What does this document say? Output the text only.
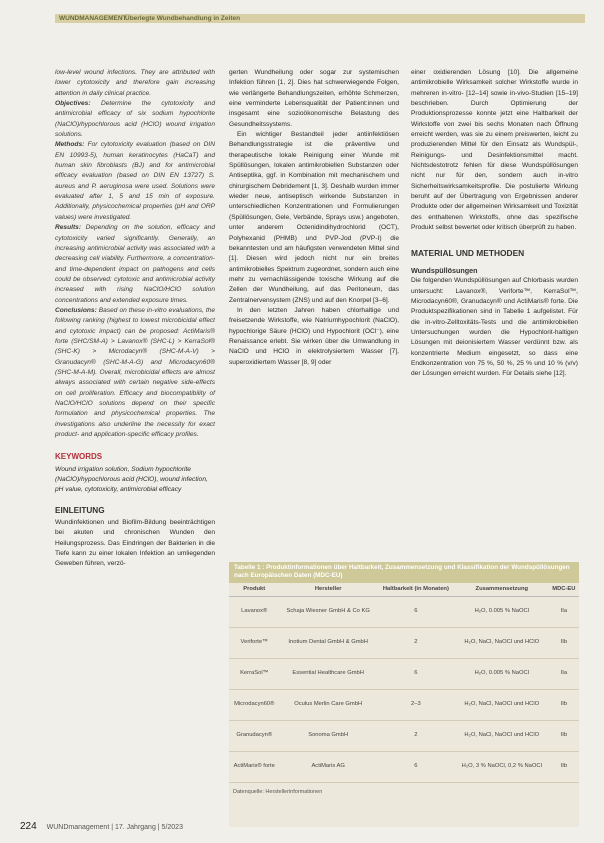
WUNDMANAGEMENT
Überlegte Wundbehandlung in Zeiten

low-level wound infections. They are attributed with lower cytotoxicity and therefore gain increasing attention in daily clinical practice.

Objectives: Determine the cytotoxicity and antimicrobial efficacy of six sodium hypochlorite (NaClO)/hypochlorous acid (HClO) wound irrigation solutions.

Methods: For cytotoxicity evaluation (based on DIN EN 10993-5), human keratinocytes (HaCaT) and human skin fibroblasts (BJ) and for antimicrobial efficacy evaluation (based on DIN EN 13727) S. aureus and P. aeruginosa were used. Solutions were evaluated after 1, 5 and 15 min of exposure. Additionally, physicochemical properties (pH and ORP values) were investigated.

Results: Depending on the solution, efficacy and cytotoxicity varied significantly. Generally, an increasing antimicrobial activity was associated with a decreasing cell viability. Furthermore, a concentration- and time-dependent impact on pathogens and cells could be observed: cytotoxic and antimicrobial activity increased with rising NaClO/HClO solution concentrations and extended exposure times.

Conclusions: Based on these in-vitro evaluations, the following ranking (highest to lowest microbicidal effect and cytotoxic impact) can be proposed: ActiMaris® forte (SHC/SM-A) > Lavanox® (SHC-L) > KerraSol® (SHC-K) > Microdacyn® (SHC-M-A-V) > Granudacyn® (SHC-M-A-G) and Microdacyn60® (SHC-M-A-M). Overall, microbicidal effects are almost always associated with certain negative side-effects on cell proliferation. Efficacy and biocompatibility of NaClO/HClO solutions depend on their specific formulation and physicochemical properties. The investigations also underline the necessity for exact product- and application-specific efficacy profiles.

KEYWORDS

Wound irrigation solution, Sodium hypochlorite (NaClO)/hypochlorous acid (HClO), wound infection, pH value, cytotoxicity, antimicrobial efficacy

EINLEITUNG

Wundinfektionen und Biofilm-Bildung beeinträchtigen bei akuten und chronischen Wunden den Heilungsprozess. Das Eindringen der Bakterien in die Tiefe kann zu einer lokalen Infektion an umliegenden Geweben führen, verzö-

gerten Wundheilung oder sogar zur systemischen Infektion führen [1, 2]. Dies hat schwerwiegende Folgen, wie verlängerte Behandlungszeiten, erhöhte Schmerzen, eine verminderte Lebensqualität der Patient:innen und insgesamt eine sozioökonomische Belastung des Gesundheitssystems.

Ein wichtiger Bestandteil jeder antiinfektiösen Behandlungsstrategie ist die präventive und therapeutische lokale Reinigung einer Wunde mit Spüllösungen, lokalen antimikrobiellen Substanzen oder Antiseptika, ggf. in Kombination mit mechanischem und chirurgischem Debridement [1, 3]. Deshalb wurden immer wieder neue, antiseptisch wirkende Substanzen in unterschiedlichen Konzentrationen und Formulierungen (Spüllösungen, Gele, Verbände, Sprays usw.) angeboten, unter anderem Octenidindihydrochlorid (OCT), Polyhexanid (PHMB) und PVP-Jod (PVP-I) die bekanntesten und am häufigsten verwendeten Mittel sind [1]. Diesen wird jedoch nicht nur ein breites antimikrobielles Spektrum zugeordnet, sondern auch eine mehr zu vernachlässigende toxische Wirkung auf die Zellen der Wundheilung, auf das Peritoneum, das Zentralnervensystem (ZNS) und auf den Knorpel [3–6].

In den letzten Jahren haben chlorhaltige und freisetzende Wirkstoffe, wie Natriumhypochlorit (NaClO), hypochlorige Säure (HClO) und Hypochlorit (OCl⁻), eine Renaissance erlebt. Sie wirken über die Umwandlung in NaClO und HClO in elektrolysiertem Wasser [7], superoxidiertem Wasser [8, 9] oder

einer oxidierenden Lösung [10]. Die allgemeine antimikrobielle Wirksamkeit solcher Wirkstoffe wurde in mehreren in-vitro- [12–14] sowie in-vivo-Studien [15–19] beschrieben. Durch Optimierung der Produktionsprozesse konnte jetzt eine Haltbarkeit der Wirkstoffe von zwei bis sechs Monaten nach Öffnung erreicht werden, was sie zu einem preiswerten, leicht zu produzierenden Mittel für den Einsatz als Wundspül-, Reinigungs- und Desinfektionsmittel macht. Nichtsdestotrotz fehlen für diese Wundspüllösungen nicht nur für den, sondern auch in-vitro Sicherheitswirksamkeitsprofile. Die postulierte Wirkung beruht auf der Übertragung von Ergebnissen anderer Produkte oder der allgemeinen Wirksamkeit und Toxizität des enthaltenen Wirkstoffs, ohne das spezifische Produkt selbst bewertet oder kritisch überprüft zu haben.

MATERIAL UND METHODEN
Wundspüllösungen

Die folgenden Wundspüllösungen auf Chlorbasis wurden untersucht: Lavanox®, Veriforte™, KerraSol™, Microdacyn60®, Granudacyn® und ActiMaris® forte. Die Produktspezifikationen sind in Tabelle 1 aufgelistet. Für die in-vitro-Zelltoxitäts-Tests und die antimikrobiellen Untersuchungen wurden die Hypochlorit-haltigen Lösungen mit deionisiertem Wasser verdünnt bzw. als konzentrierte Medium eingesetzt, so dass eine Endkonzentration von 75 %, 50 %, 25 % und 10 % (v/v) der Lösungen erreicht wurden. Für Details siehe [12].

Tabelle 1 : Produktinformationen über Haltbarkeit, Zusammensetzung und Klassifikation der Wundspüllösungen nach Europäischen Daten (MDC-EU)
Produkt	Hersteller	Haltbarkeit (in Monaten)	Zusammensetzung	MDC-EU
Lavanox®	Schaja Wiesner GmbH & Co KG	6	H₂O, 0.005 % NaOCl	IIa
Veriforte™	Inotium Dental GmbH & GmbH	2	H₂O, NaCl, NaOCl und HClO	IIb
KerraSol™	Essential Healthcare GmbH	6	H₂O, 0.005 % NaOCl	IIa
Microdacyn60®	Oculus Merlin Care GmbH	2–3	H₂O, NaCl, NaOCl und HClO	IIb
Granudacyn®	Sonoma GmbH	2	H₂O, NaCl, NaOCl und HClO	IIb
ActiMaris® forte	ActiMaris AG	6	H₂O, 3 % NaOCl, 0,2 % NaOCl	IIb
Datenquelle: Herstellerinformationen
224 WUNDmanagement | 17. Jahrgang | 5/2023
